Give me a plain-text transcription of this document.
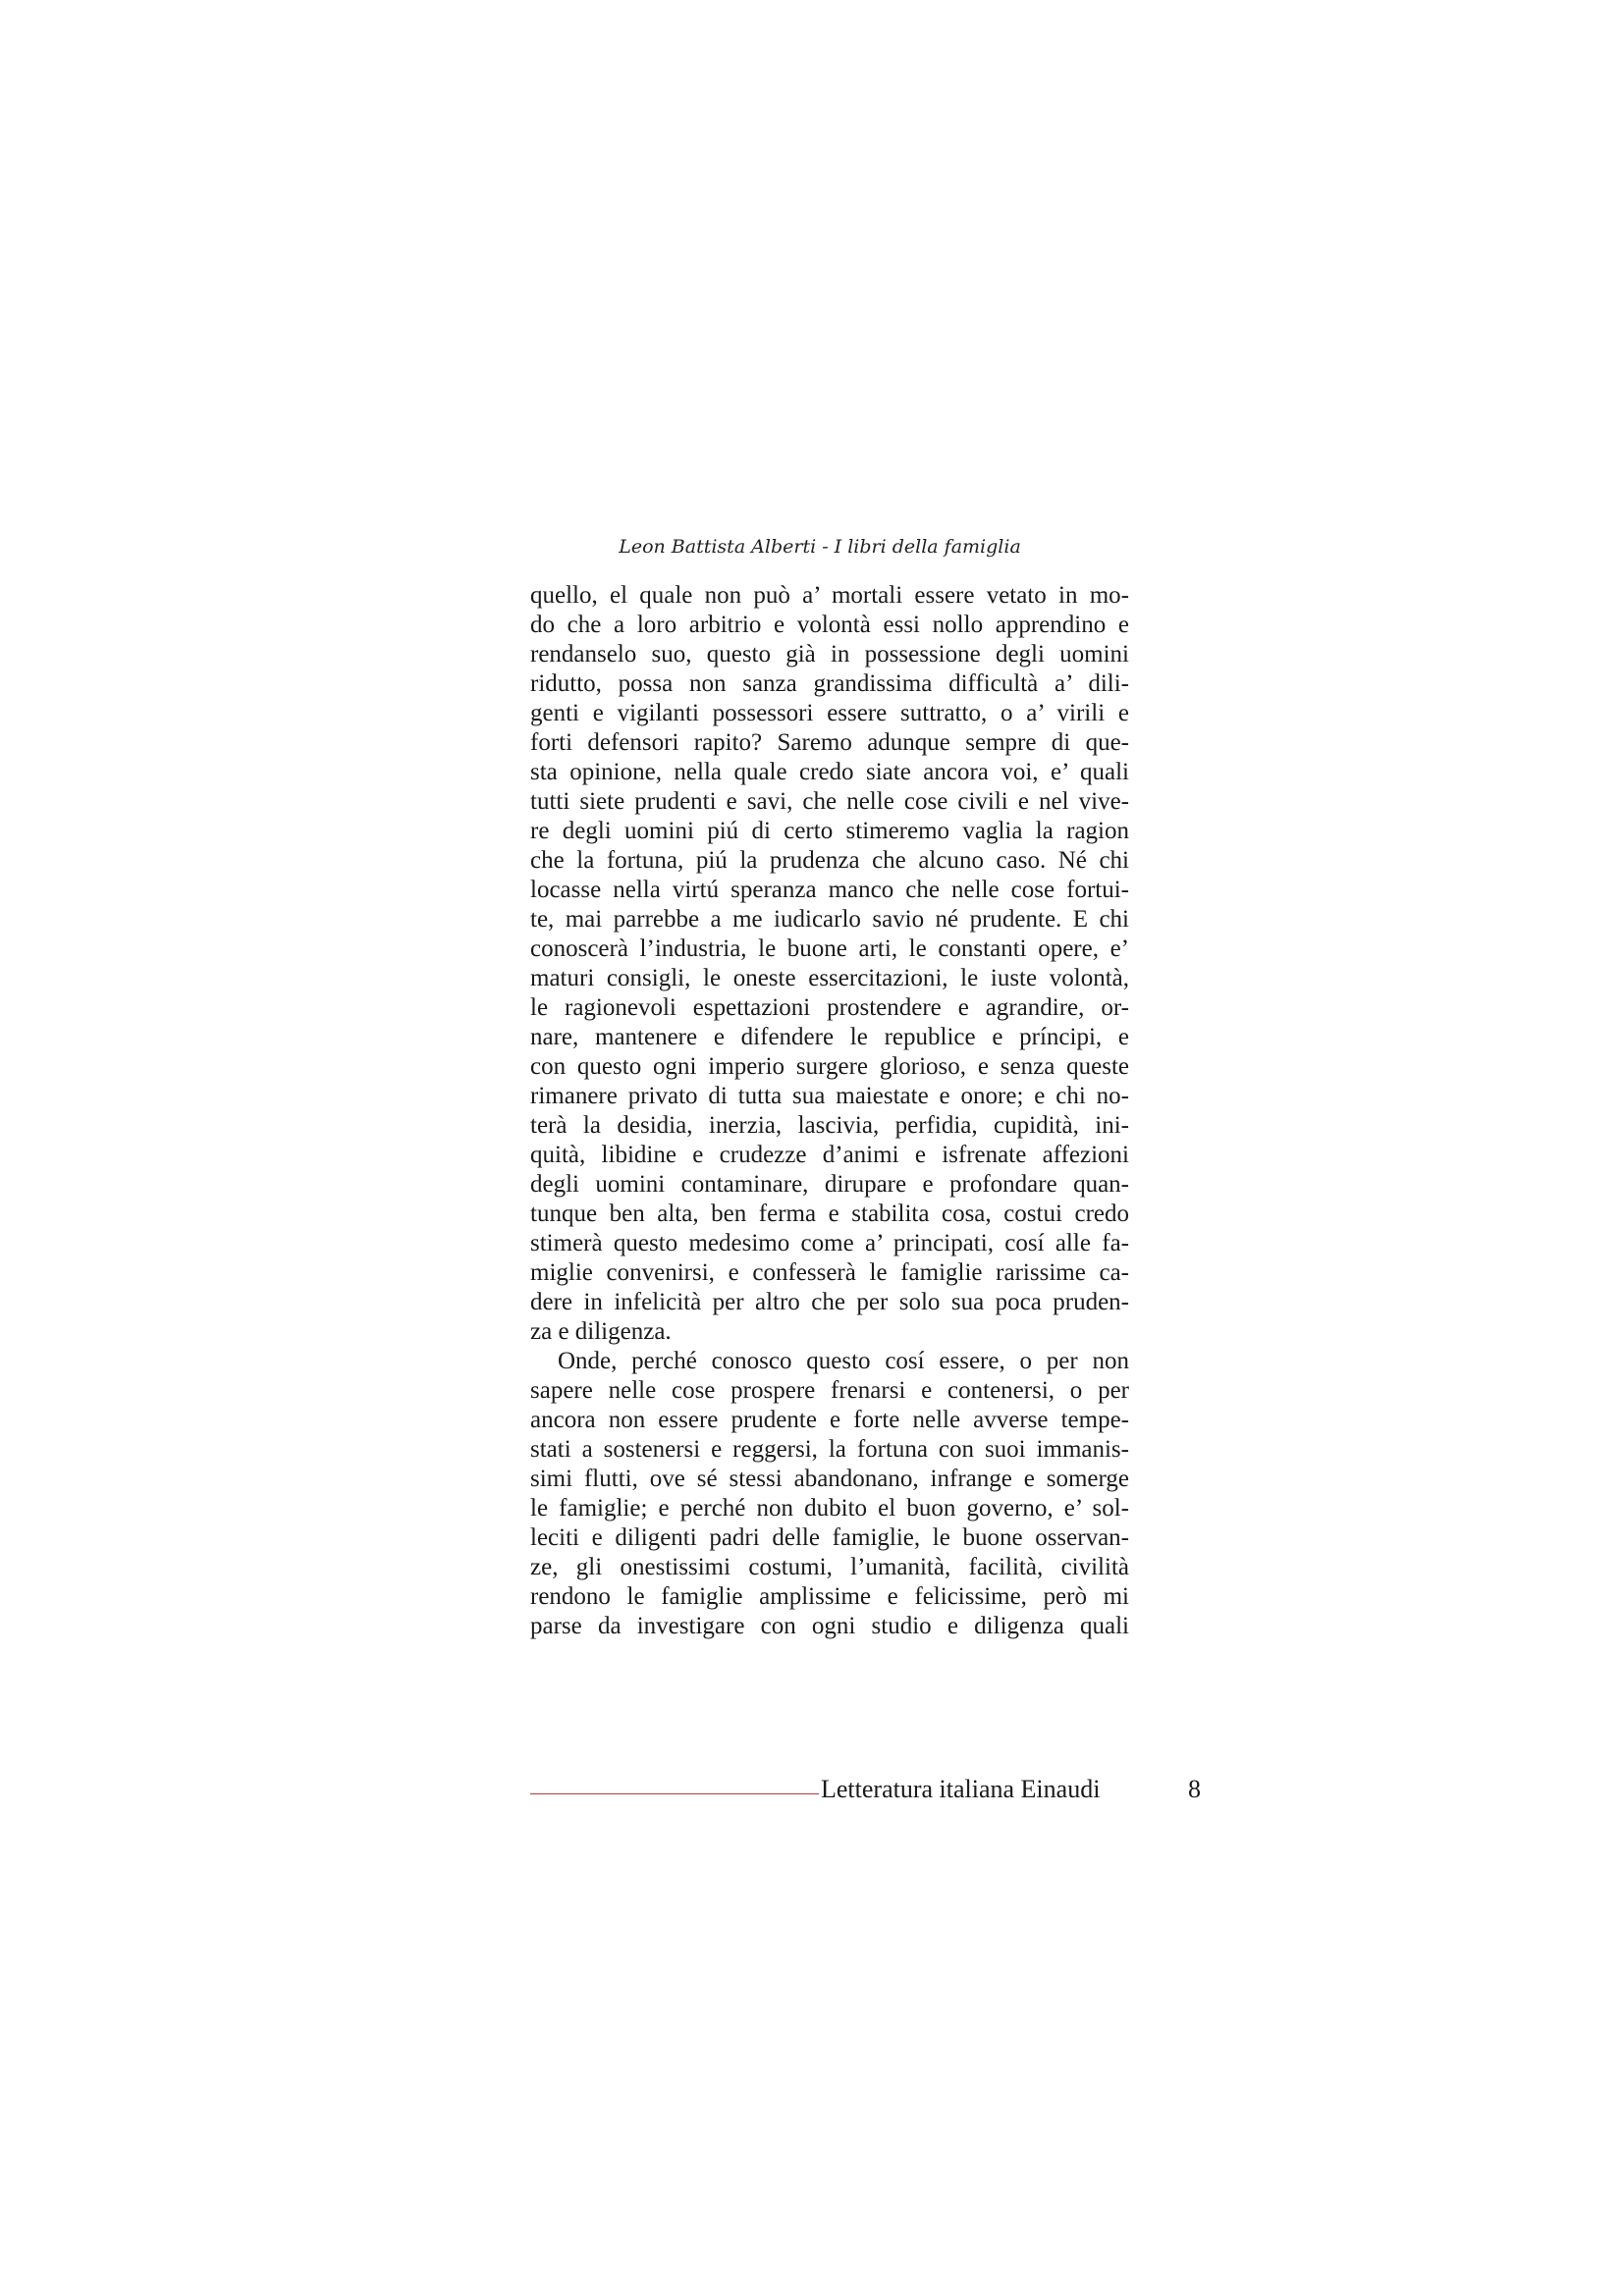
Leon Battista Alberti - I libri della famiglia
quello, el quale non può a’ mortali essere vetato in mo-
do che a loro arbitrio e volontà essi nollo apprendino e
rendanselo suo, questo già in possessione degli uomini
ridutto, possa non sanza grandissima difficultà a’ dili-
genti e vigilanti possessori essere suttratto, o a’ virili e
forti defensori rapito? Saremo adunque sempre di que-
sta opinione, nella quale credo siate ancora voi, e’ quali
tutti siete prudenti e savi, che nelle cose civili e nel vive-
re degli uomini piú di certo stimeremo vaglia la ragion
che la fortuna, piú la prudenza che alcuno caso. Né chi
locasse nella virtú speranza manco che nelle cose fortui-
te, mai parrebbe a me iudicarlo savio né prudente. E chi
conoscerà l’industria, le buone arti, le constanti opere, e’
maturi consigli, le oneste essercitazioni, le iuste volontà,
le ragionevoli espettazioni prostendere e agrandire, or-
nare, mantenere e difendere le republice e príncipi, e
con questo ogni imperio surgere glorioso, e senza queste
rimanere privato di tutta sua maiestate e onore; e chi no-
terà la desidia, inerzia, lascivia, perfidia, cupidità, ini-
quità, libidine e crudezze d’animi e isfrenate affezioni
degli uomini contaminare, dirupare e profondare quan-
tunque ben alta, ben ferma e stabilita cosa, costui credo
stimerà questo medesimo come a’ principati, cosí alle fa-
miglie convenirsi, e confesserà le famiglie rarissime ca-
dere in infelicità per altro che per solo sua poca pruden-
za e diligenza.
Onde, perché conosco questo cosí essere, o per non
sapere nelle cose prospere frenarsi e contenersi, o per
ancora non essere prudente e forte nelle avverse tempe-
stati a sostenersi e reggersi, la fortuna con suoi immanis-
simi flutti, ove sé stessi abandonano, infrange e somerge
le famiglie; e perché non dubito el buon governo, e’ sol-
leciti e diligenti padri delle famiglie, le buone osservan-
ze, gli onestissimi costumi, l’umanità, facilità, civilità
rendono le famiglie amplissime e felicissime, però mi
parse da investigare con ogni studio e diligenza quali
Letteratura italiana Einaudi	8
